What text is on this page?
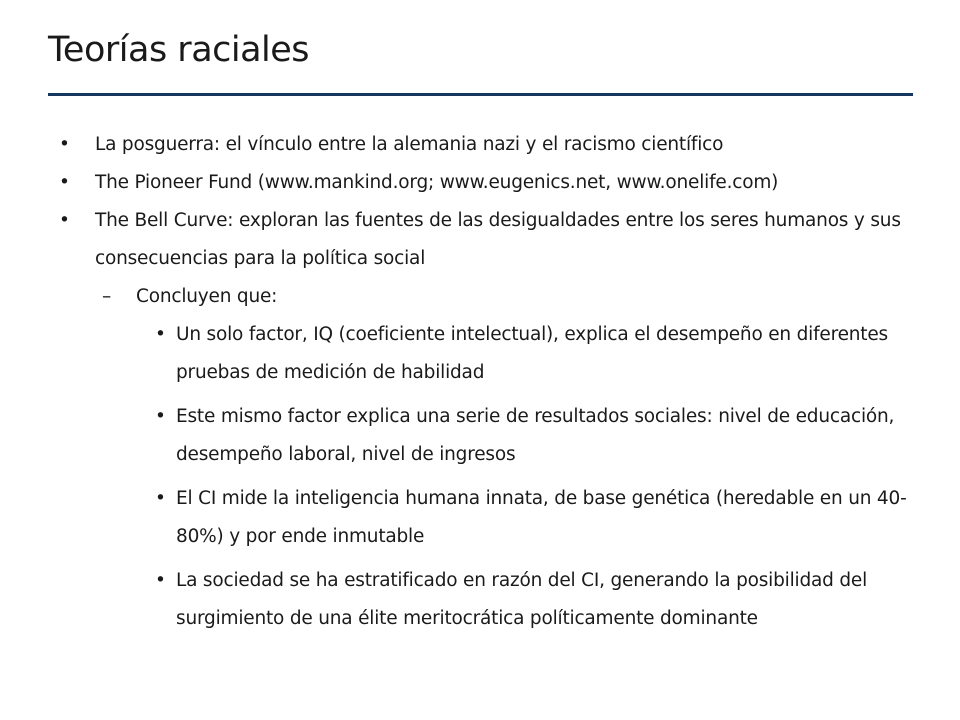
Teorías raciales
• La posguerra: el vínculo entre la alemania nazi y el racismo científico
• The Pioneer Fund (www.mankind.org; www.eugenics.net, www.onelife.com)
• The Bell Curve: exploran las fuentes de las desigualdades entre los seres humanos y sus consecuencias para la política social
– Concluyen que:
• Un solo factor, IQ (coeficiente intelectual), explica el desempeño en diferentes pruebas de medición de habilidad
• Este mismo factor explica una serie de resultados sociales: nivel de educación, desempeño laboral, nivel de ingresos
• El CI mide la inteligencia humana innata, de base genética (heredable en un 40-80%) y por ende inmutable
• La sociedad se ha estratificado en razón del CI, generando la posibilidad del surgimiento de una élite meritocrática políticamente dominante
